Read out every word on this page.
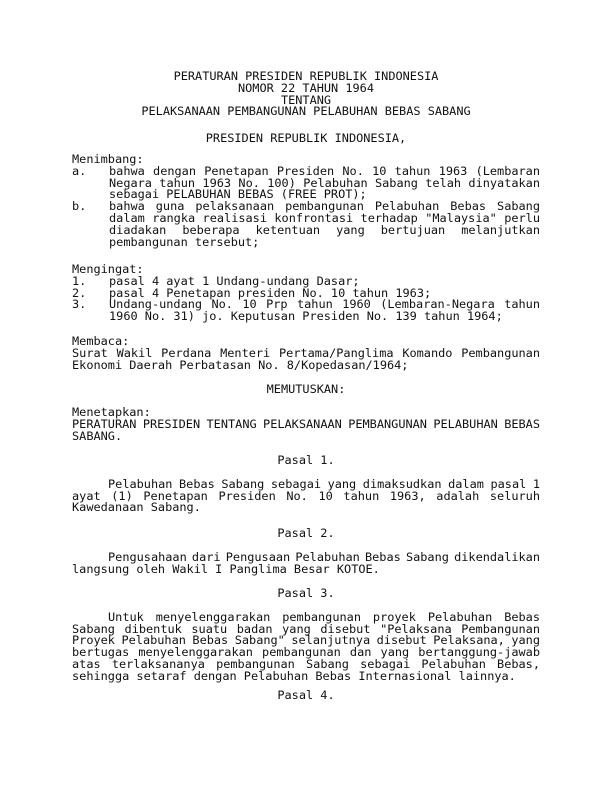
PERATURAN PRESIDEN REPUBLIK INDONESIA
NOMOR 22 TAHUN 1964
TENTANG
PELAKSANAAN PEMBANGUNAN PELABUHAN BEBAS SABANG
PRESIDEN REPUBLIK INDONESIA,
Menimbang:
a. bahwa dengan Penetapan Presiden No. 10 tahun 1963 (Lembaran
Negara tahun 1963 No. 100) Pelabuhan Sabang telah dinyatakan
sebagai PELABUHAN BEBAS (FREE PROT);
b. bahwa guna pelaksanaan pembangunan Pelabuhan Bebas Sabang
dalam rangka realisasi konfrontasi terhadap "Malaysia" perlu
diadakan beberapa ketentuan yang bertujuan melanjutkan
pembangunan tersebut;
Mengingat:
1. pasal 4 ayat 1 Undang-undang Dasar;
2. pasal 4 Penetapan presiden No. 10 tahun 1963;
3. Undang-undang No. 10 Prp tahun 1960 (Lembaran-Negara tahun
1960 No. 31) jo. Keputusan Presiden No. 139 tahun 1964;
Membaca:
Surat Wakil Perdana Menteri Pertama/Panglima Komando Pembangunan
Ekonomi Daerah Perbatasan No. 8/Kopedasan/1964;
MEMUTUSKAN:
Menetapkan:
PERATURAN PRESIDEN TENTANG PELAKSANAAN PEMBANGUNAN PELABUHAN BEBAS
SABANG.
Pasal 1.
Pelabuhan Bebas Sabang sebagai yang dimaksudkan dalam pasal 1
ayat (1) Penetapan Presiden No. 10 tahun 1963, adalah seluruh
Kawedanaan Sabang.
Pasal 2.
Pengusahaan dari Pengusaan Pelabuhan Bebas Sabang dikendalikan
langsung oleh Wakil I Panglima Besar KOTOE.
Pasal 3.
Untuk menyelenggarakan pembangunan proyek Pelabuhan Bebas
Sabang dibentuk suatu badan yang disebut "Pelaksana Pembangunan
Proyek Pelabuhan Bebas Sabang" selanjutnya disebut Pelaksana, yang
bertugas menyelenggarakan pembangunan dan yang bertanggung-jawab
atas terlaksananya pembangunan Sabang sebagai Pelabuhan Bebas,
sehingga setaraf dengan Pelabuhan Bebas Internasional lainnya.
Pasal 4.
